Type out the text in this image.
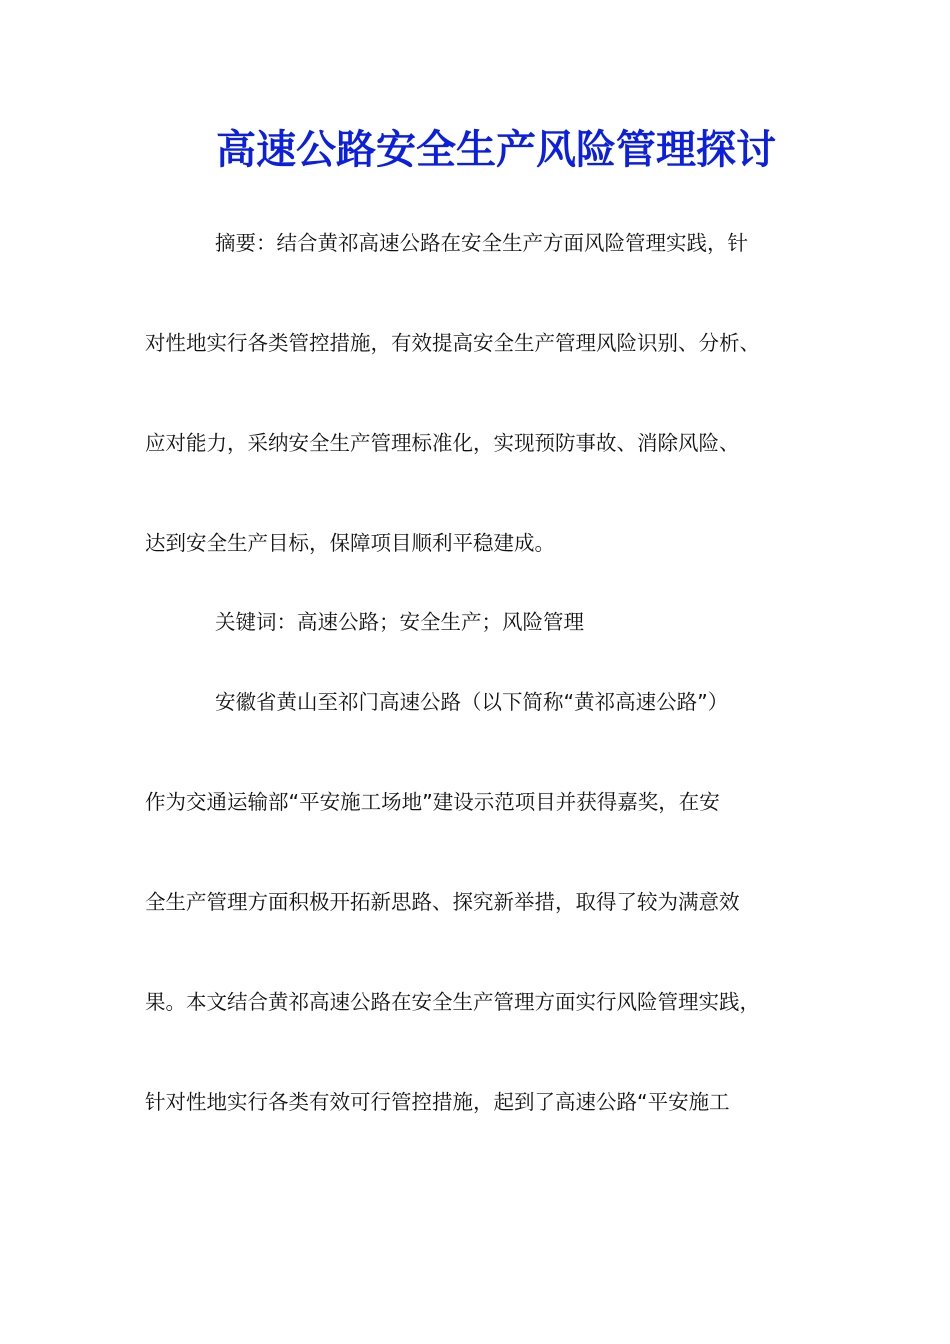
高速公路安全生产风险管理探讨

摘要：结合黄祁高速公路在安全生产方面风险管理实践，针

对性地实行各类管控措施，有效提高安全生产管理风险识别、分析、

应对能力，采纳安全生产管理标准化，实现预防事故、消除风险、

达到安全生产目标，保障项目顺利平稳建成。

关键词：高速公路；安全生产；风险管理

安徽省黄山至祁门高速公路（以下简称“黄祁高速公路”）

作为交通运输部“平安施工场地”建设示范项目并获得嘉奖，在安

全生产管理方面积极开拓新思路、探究新举措，取得了较为满意效

果。本文结合黄祁高速公路在安全生产管理方面实行风险管理实践，

针对性地实行各类有效可行管控措施，起到了高速公路“平安施工
